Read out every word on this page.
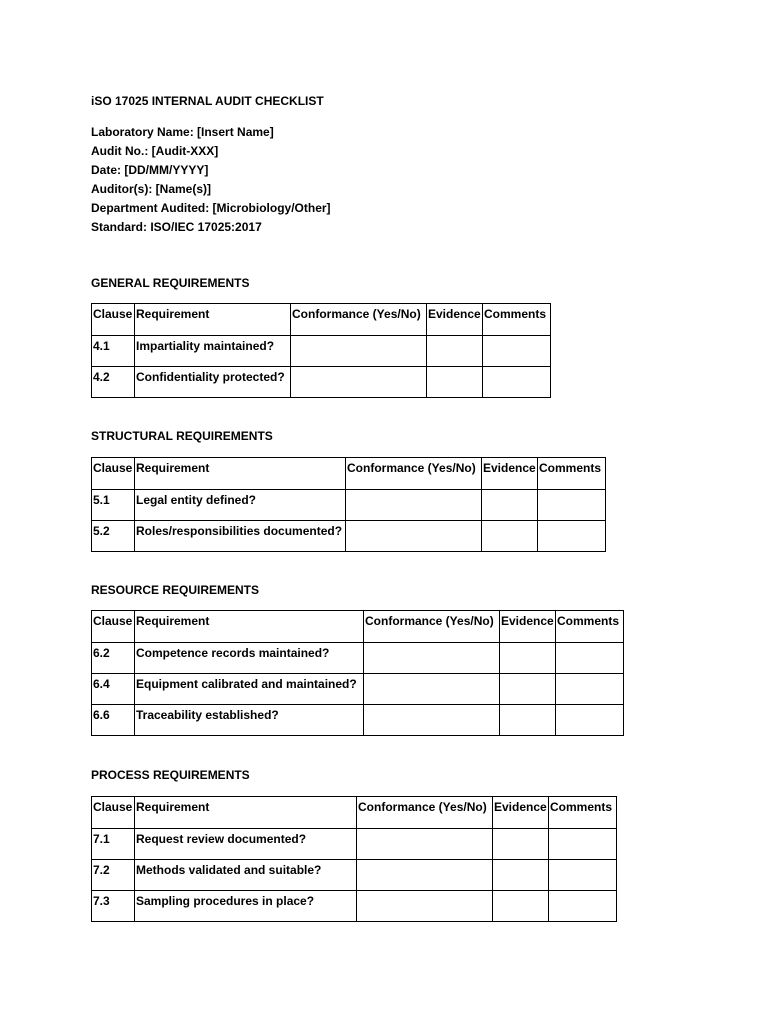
iSO 17025 INTERNAL AUDIT CHECKLIST
Laboratory Name: [Insert Name]
Audit No.: [Audit-XXX]
Date: [DD/MM/YYYY]
Auditor(s): [Name(s)]
Department Audited: [Microbiology/Other]
Standard: ISO/IEC 17025:2017
GENERAL REQUIREMENTS
Clause	Requirement	Conformance (Yes/No)	Evidence	Comments
4.1	Impartiality maintained?			
4.2	Confidentiality protected?			
STRUCTURAL REQUIREMENTS
Clause	Requirement	Conformance (Yes/No)	Evidence	Comments
5.1	Legal entity defined?			
5.2	Roles/responsibilities documented?			
RESOURCE REQUIREMENTS
Clause	Requirement	Conformance (Yes/No)	Evidence	Comments
6.2	Competence records maintained?			
6.4	Equipment calibrated and maintained?			
6.6	Traceability established?			
PROCESS REQUIREMENTS
Clause	Requirement	Conformance (Yes/No)	Evidence	Comments
7.1	Request review documented?			
7.2	Methods validated and suitable?			
7.3	Sampling procedures in place?			
